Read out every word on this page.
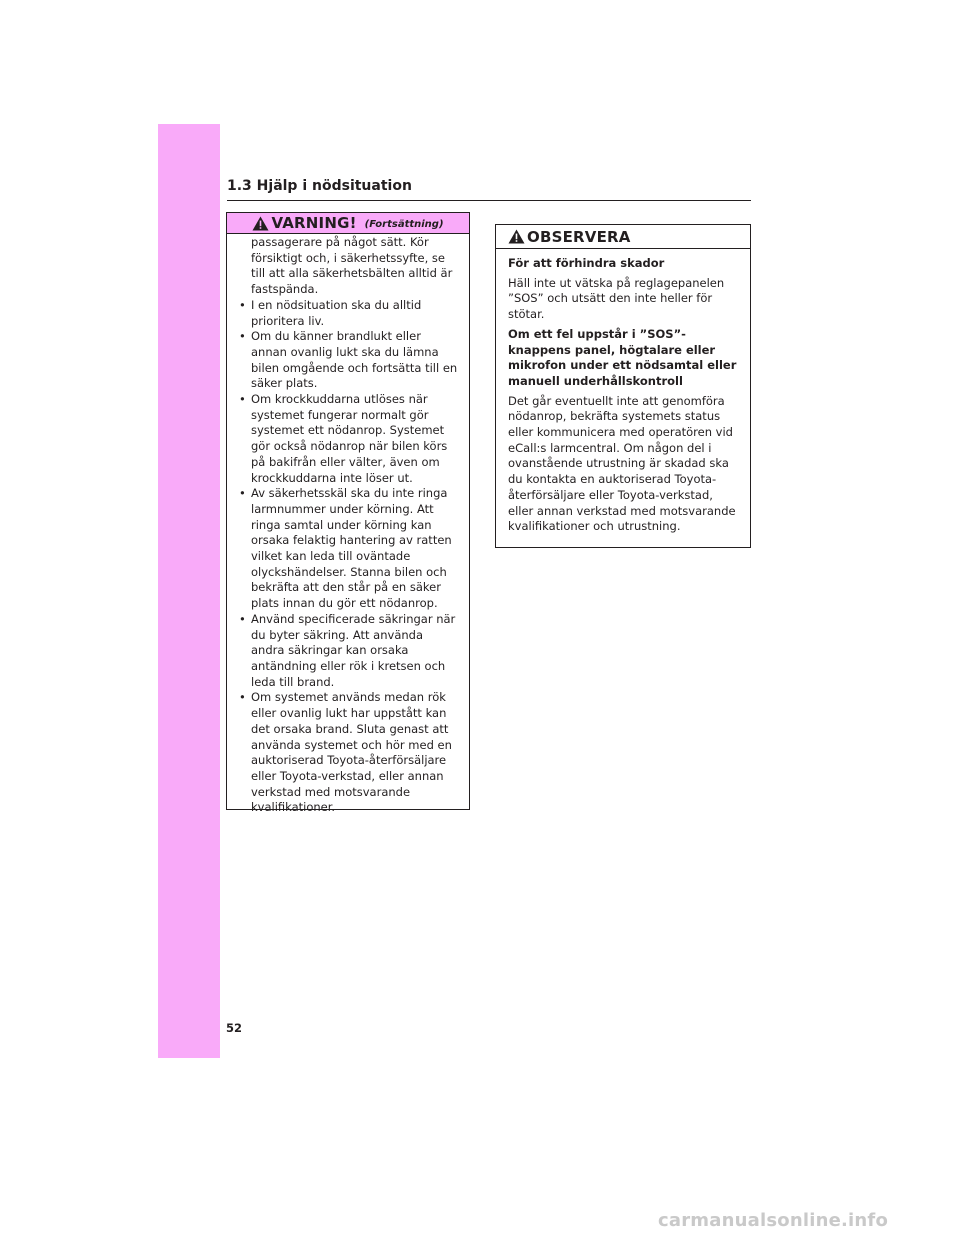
1.3 Hjälp i nödsituation
VARNING! (Fortsättning)
passagerare på något sätt. Kör försiktigt och, i säkerhetssyfte, se till att alla säkerhetsbälten alltid är fastspända.
• I en nödsituation ska du alltid prioritera liv.
• Om du känner brandlukt eller annan ovanlig lukt ska du lämna bilen omgående och fortsätta till en säker plats.
• Om krockkuddarna utlöses när systemet fungerar normalt gör systemet ett nödanrop. Systemet gör också nödanrop när bilen körs på bakifrån eller välter, även om krockkuddarna inte löser ut.
• Av säkerhetsskäl ska du inte ringa larmnummer under körning. Att ringa samtal under körning kan orsaka felaktig hantering av ratten vilket kan leda till oväntade olyckshändelser. Stanna bilen och bekräfta att den står på en säker plats innan du gör ett nödanrop.
• Använd specificerade säkringar när du byter säkring. Att använda andra säkringar kan orsaka antändning eller rök i kretsen och leda till brand.
• Om systemet används medan rök eller ovanlig lukt har uppstått kan det orsaka brand. Sluta genast att använda systemet och hör med en auktoriserad Toyota-återförsäljare eller Toyota-verkstad, eller annan verkstad med motsvarande kvalifikationer.
OBSERVERA

För att förhindra skador

Häll inte ut vätska på reglagepanelen ”SOS” och utsätt den inte heller för stötar.

Om ett fel uppstår i ”SOS”-knappens panel, högtalare eller mikrofon under ett nödsamtal eller manuell underhållskontroll

Det går eventuellt inte att genomföra nödanrop, bekräfta systemets status eller kommunicera med operatören vid eCall:s larmcentral. Om någon del i ovanstående utrustning är skadad ska du kontakta en auktoriserad Toyota-återförsäljare eller Toyota-verkstad, eller annan verkstad med motsvarande kvalifikationer och utrustning.

52
carmanualsonline.info
